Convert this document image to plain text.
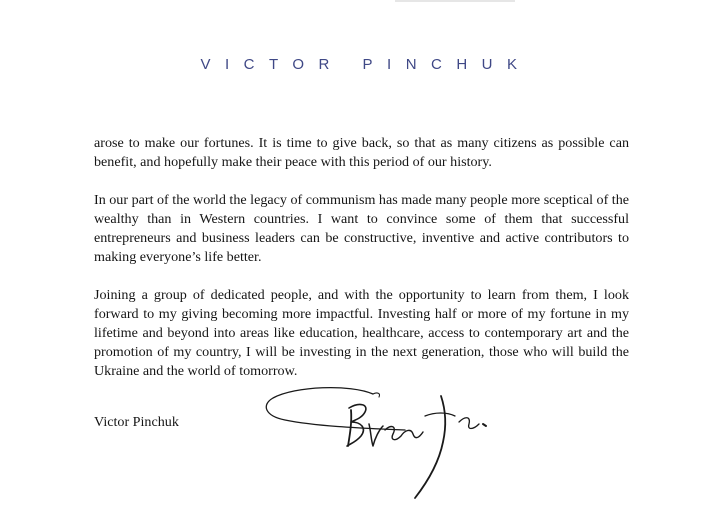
VICTOR PINCHUK

arose to make our fortunes. It is time to give back, so that as many citizens as possible can benefit, and hopefully make their peace with this period of our history.

In our part of the world the legacy of communism has made many people more sceptical of the wealthy than in Western countries. I want to convince some of them that successful entrepreneurs and business leaders can be constructive, inventive and active contributors to making everyone’s life better.

Joining a group of dedicated people, and with the opportunity to learn from them, I look forward to my giving becoming more impactful. Investing half or more of my fortune in my lifetime and beyond into areas like education, healthcare, access to contemporary art and the promotion of my country, I will be investing in the next generation, those who will build the Ukraine and the world of tomorrow.

Victor Pinchuk
